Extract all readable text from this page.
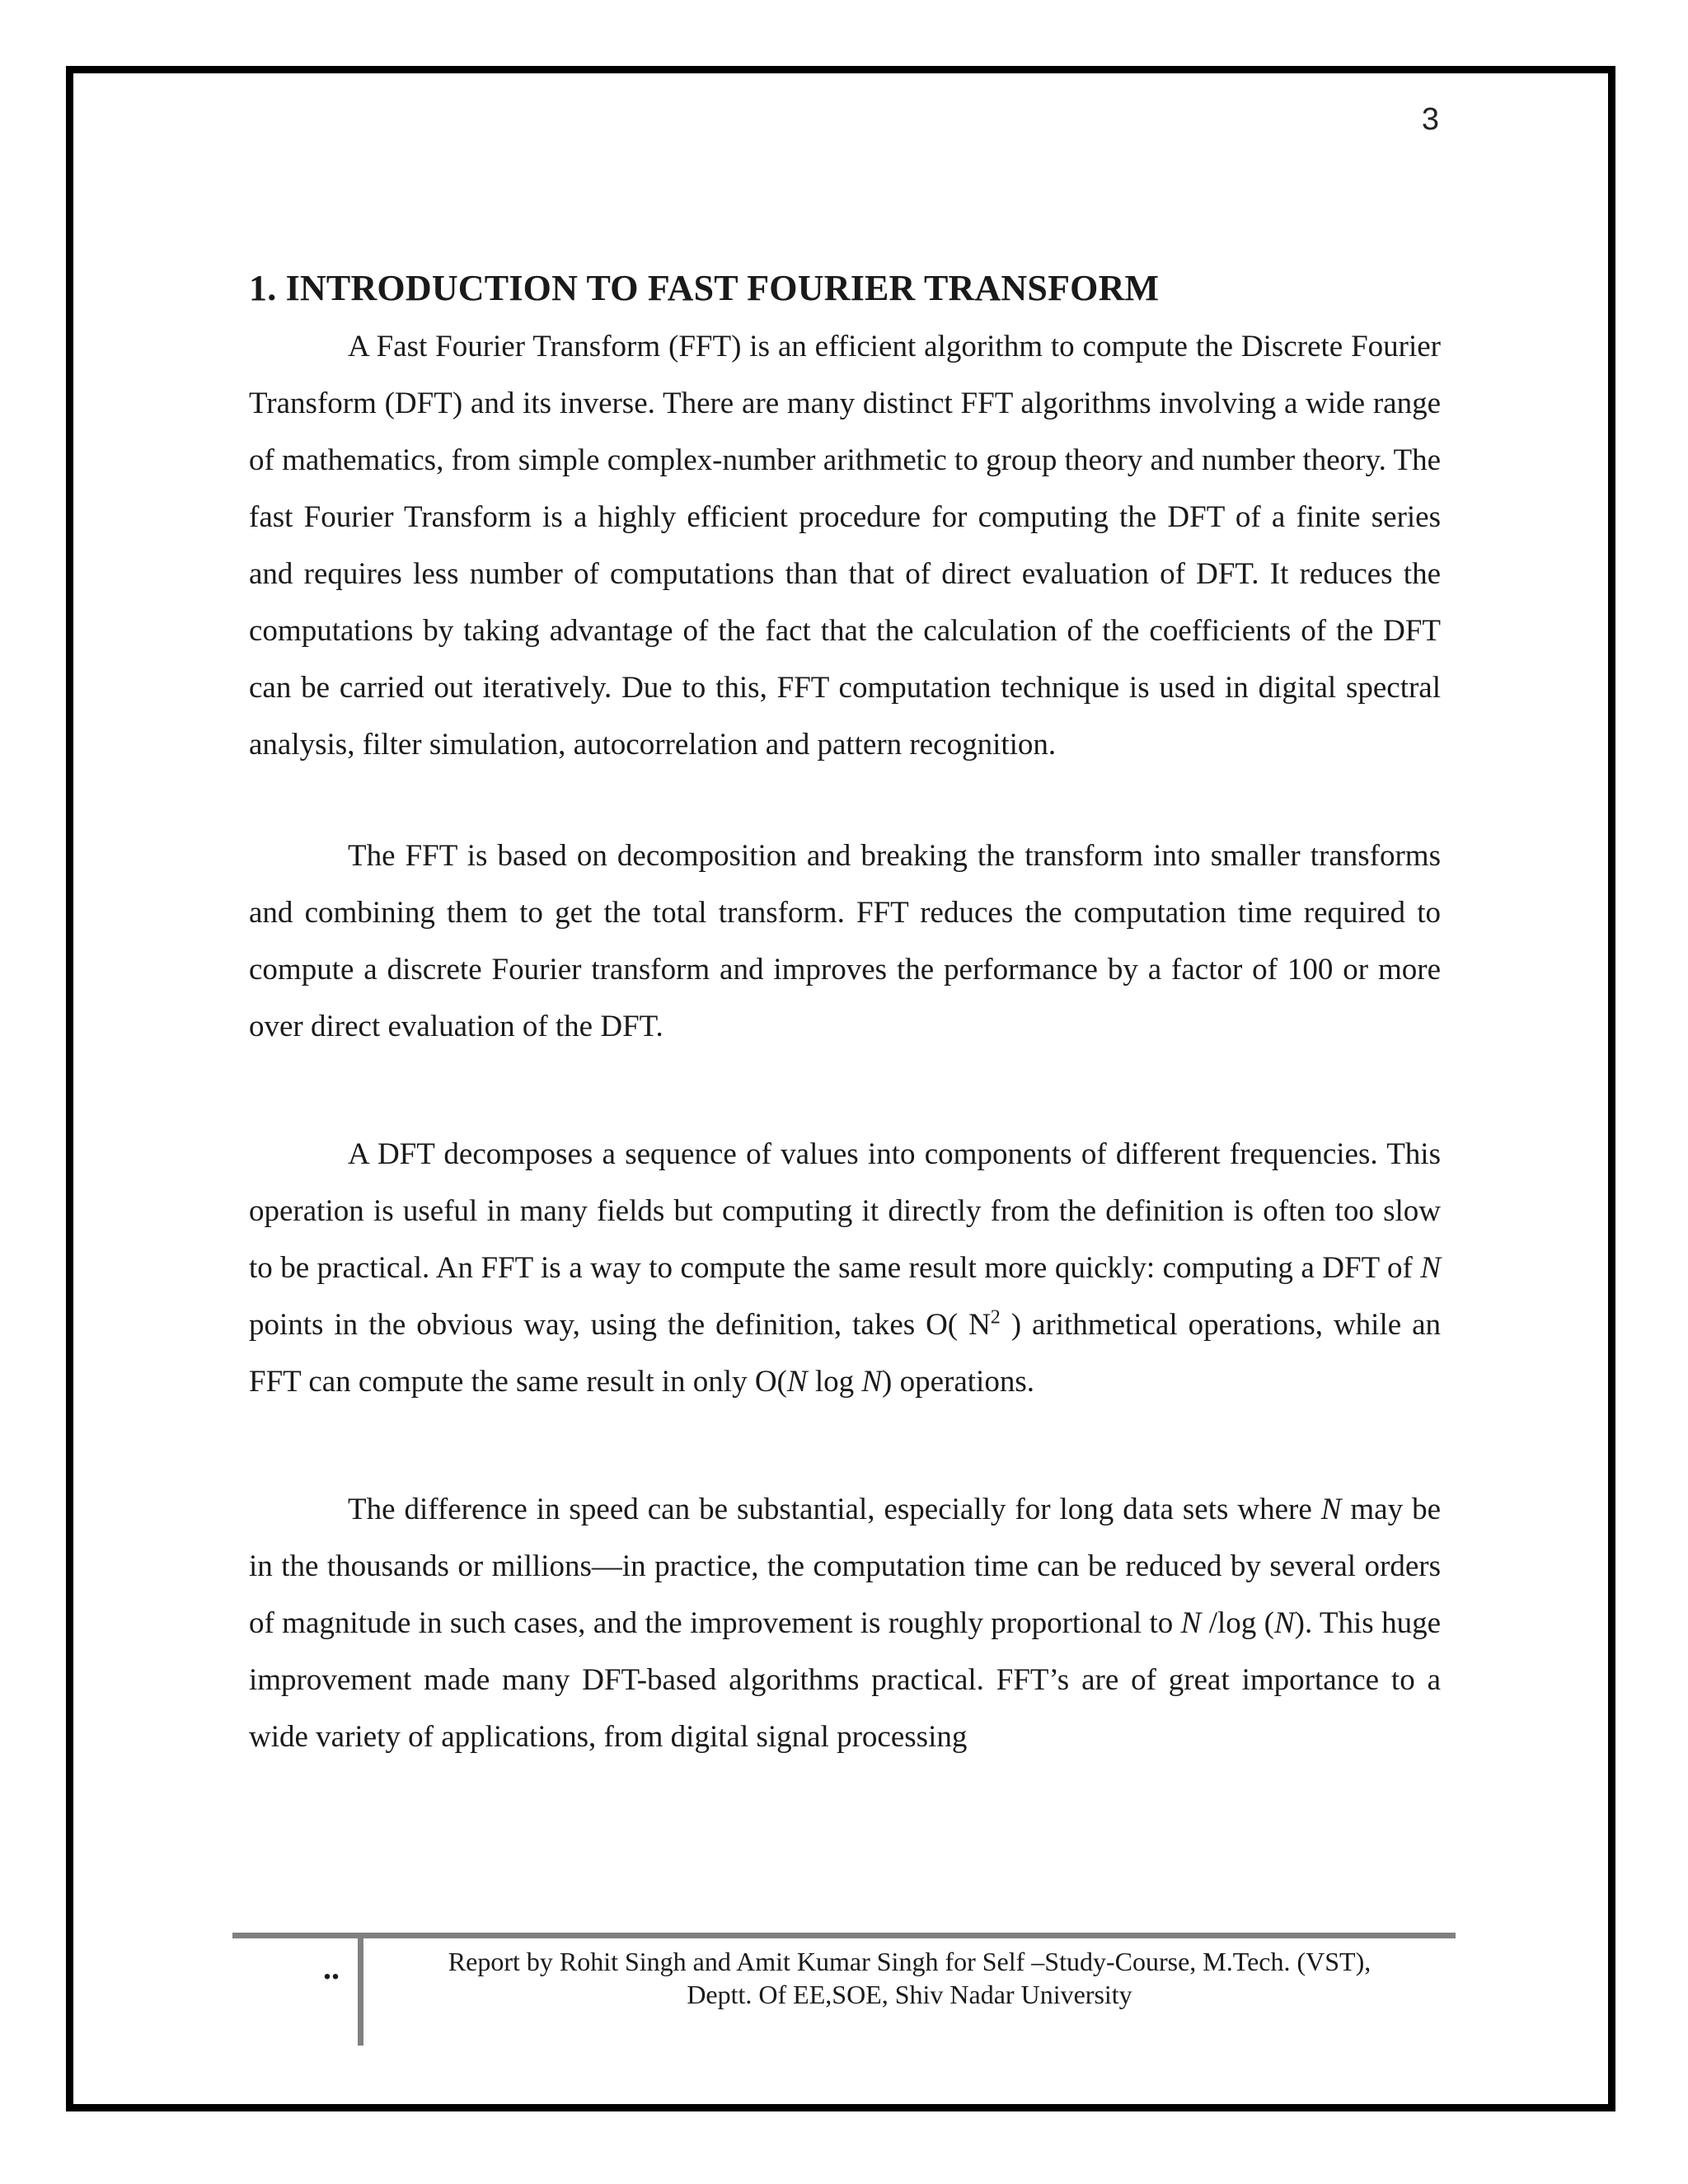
3
1. INTRODUCTION TO FAST FOURIER TRANSFORM

A Fast Fourier Transform (FFT) is an efficient algorithm to compute the Discrete Fourier Transform (DFT) and its inverse. There are many distinct FFT algorithms involving a wide range of mathematics, from simple complex-number arithmetic to group theory and number theory. The fast Fourier Transform is a highly efficient procedure for computing the DFT of a finite series and requires less number of computations than that of direct evaluation of DFT. It reduces the computations by taking advantage of the fact that the calculation of the coefficients of the DFT can be carried out iteratively. Due to this, FFT computation technique is used in digital spectral analysis, filter simulation, autocorrelation and pattern recognition.

The FFT is based on decomposition and breaking the transform into smaller transforms and combining them to get the total transform. FFT reduces the computation time required to compute a discrete Fourier transform and improves the performance by a factor of 100 or more over direct evaluation of the DFT.

A DFT decomposes a sequence of values into components of different frequencies. This operation is useful in many fields but computing it directly from the definition is often too slow to be practical. An FFT is a way to compute the same result more quickly: computing a DFT of N points in the obvious way, using the definition, takes O( $N^2$ ) arithmetical operations, while an FFT can compute the same result in only O(N log N) operations.

The difference in speed can be substantial, especially for long data sets where N may be in the thousands or millions—in practice, the computation time can be reduced by several orders of magnitude in such cases, and the improvement is roughly proportional to N /log (N). This huge improvement made many DFT-based algorithms practical. FFT’s are of great importance to a wide variety of applications, from digital signal processing

..	Report by Rohit Singh and Amit Kumar Singh for Self –Study-Course, M.Tech. (VST),
Deptt. Of EE,SOE, Shiv Nadar University
